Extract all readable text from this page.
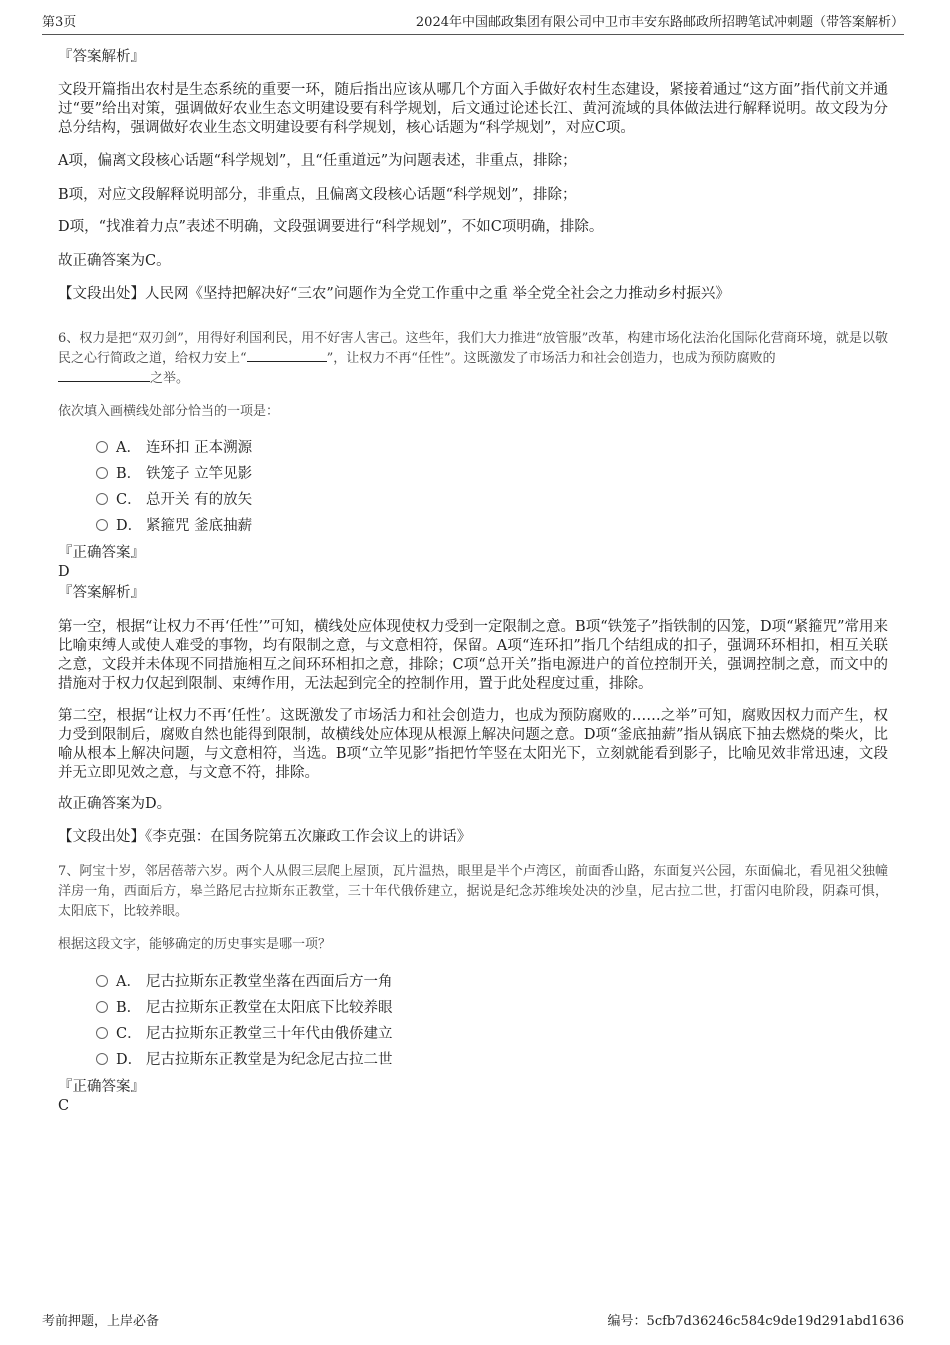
第3页	2024年中国邮政集团有限公司中卫市丰安东路邮政所招聘笔试冲刺题（带答案解析）
『答案解析』
文段开篇指出农村是生态系统的重要一环，随后指出应该从哪几个方面入手做好农村生态建设，紧接着通过“这方面”指代前文并通过“要”给出对策，强调做好农业生态文明建设要有科学规划，后文通过论述长江、黄河流域的具体做法进行解释说明。故文段为分总分结构，强调做好农业生态文明建设要有科学规划，核心话题为“科学规划”，对应C项。
A项，偏离文段核心话题“科学规划”，且“任重道远”为问题表述，非重点，排除；
B项，对应文段解释说明部分，非重点，且偏离文段核心话题“科学规划”，排除；
D项，“找准着力点”表述不明确，文段强调要进行“科学规划”，不如C项明确，排除。
故正确答案为C。
【文段出处】人民网《坚持把解决好“三农”问题作为全党工作重中之重 举全党全社会之力推动乡村振兴》
6、权力是把“双刃剑”，用得好利国利民，用不好害人害己。这些年，我们大力推进“放管服”改革，构建市场化法治化国际化营商环境，就是以敬民之心行简政之道，给权力安上“	”，让权力不再“任性”。这既激发了市场活力和社会创造力，也成为预防腐败的
之举。
依次填入画横线处部分恰当的一项是：
A． 连环扣 正本溯源
B． 铁笼子 立竿见影
C． 总开关 有的放矢
D． 紧箍咒 釜底抽薪
『正确答案』
D
『答案解析』
第一空，根据“让权力不再‘任性’”可知，横线处应体现使权力受到一定限制之意。B项“铁笼子”指铁制的囚笼，D项“紧箍咒”常用来比喻束缚人或使人难受的事物，均有限制之意，与文意相符，保留。A项“连环扣”指几个结组成的扣子，强调环环相扣，相互关联之意，文段并未体现不同措施相互之间环环相扣之意，排除；C项“总开关”指电源进户的首位控制开关，强调控制之意，而文中的措施对于权力仅起到限制、束缚作用，无法起到完全的控制作用，置于此处程度过重，排除。
第二空，根据“让权力不再‘任性’。这既激发了市场活力和社会创造力，也成为预防腐败的……之举”可知，腐败因权力而产生，权力受到限制后，腐败自然也能得到限制，故横线处应体现从根源上解决问题之意。D项“釜底抽薪”指从锅底下抽去燃烧的柴火，比喻从根本上解决问题，与文意相符，当选。B项“立竿见影”指把竹竿竖在太阳光下，立刻就能看到影子，比喻见效非常迅速，文段并无立即见效之意，与文意不符，排除。
故正确答案为D。
【文段出处】《李克强：在国务院第五次廉政工作会议上的讲话》
7、阿宝十岁，邻居蓓蒂六岁。两个人从假三层爬上屋顶，瓦片温热，眼里是半个卢湾区，前面香山路，东面复兴公园，东面偏北，看见祖父独幢洋房一角，西面后方，皋兰路尼古拉斯东正教堂，三十年代俄侨建立，据说是纪念苏维埃处决的沙皇，尼古拉二世，打雷闪电阶段，阴森可惧，太阳底下，比较养眼。
根据这段文字，能够确定的历史事实是哪一项？
A． 尼古拉斯东正教堂坐落在西面后方一角
B． 尼古拉斯东正教堂在太阳底下比较养眼
C． 尼古拉斯东正教堂三十年代由俄侨建立
D． 尼古拉斯东正教堂是为纪念尼古拉二世
『正确答案』
C
考前押题，上岸必备	编号：5cfb7d36246c584c9de19d291abd1636
